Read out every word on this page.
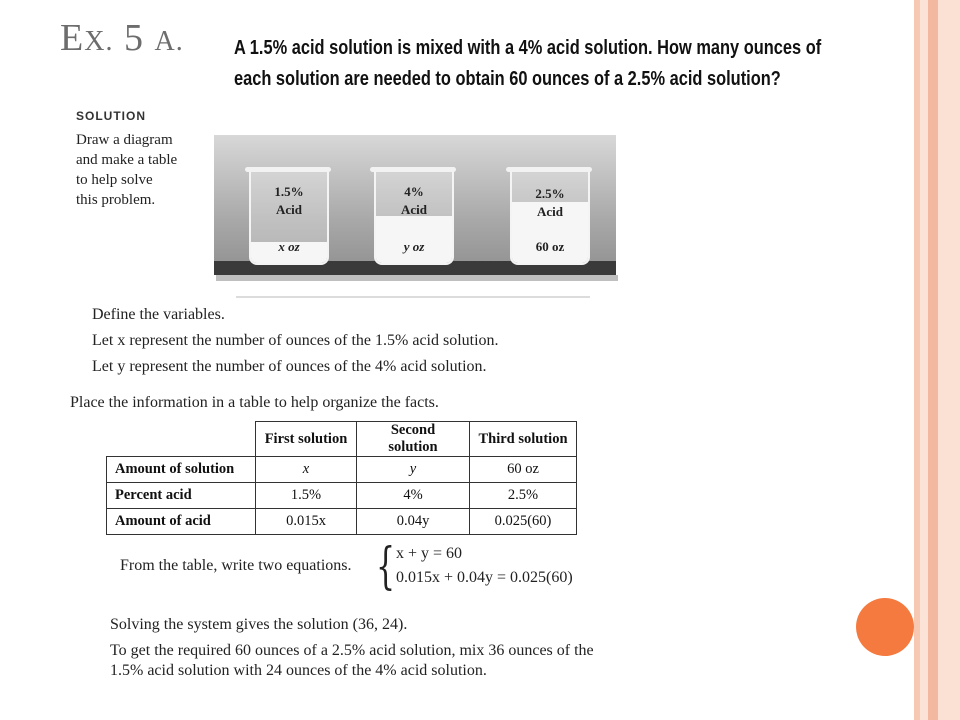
EX. 5 A.	A 1.5% acid solution is mixed with a 4% acid solution. How many ounces of
each solution are needed to obtain 60 ounces of a 2.5% acid solution?
SOLUTION
Draw a diagram
and make a table
to help solve
this problem.
1.5%
Acid
x oz
4%
Acid
y oz
2.5%
Acid
60 oz
Define the variables.
Let x represent the number of ounces of the 1.5% acid solution.
Let y represent the number of ounces of the 4% acid solution.
Place the information in a table to help organize the facts.
	First solution	Second solution	Third solution
Amount of solution	x	y	60 oz
Percent acid	1.5%	4%	2.5%
Amount of acid	0.015x	0.04y	0.025(60)
From the table, write two equations. { x + y = 60
0.015x + 0.04y = 0.025(60)
Solving the system gives the solution (36, 24).
To get the required 60 ounces of a 2.5% acid solution, mix 36 ounces of the
1.5% acid solution with 24 ounces of the 4% acid solution.
